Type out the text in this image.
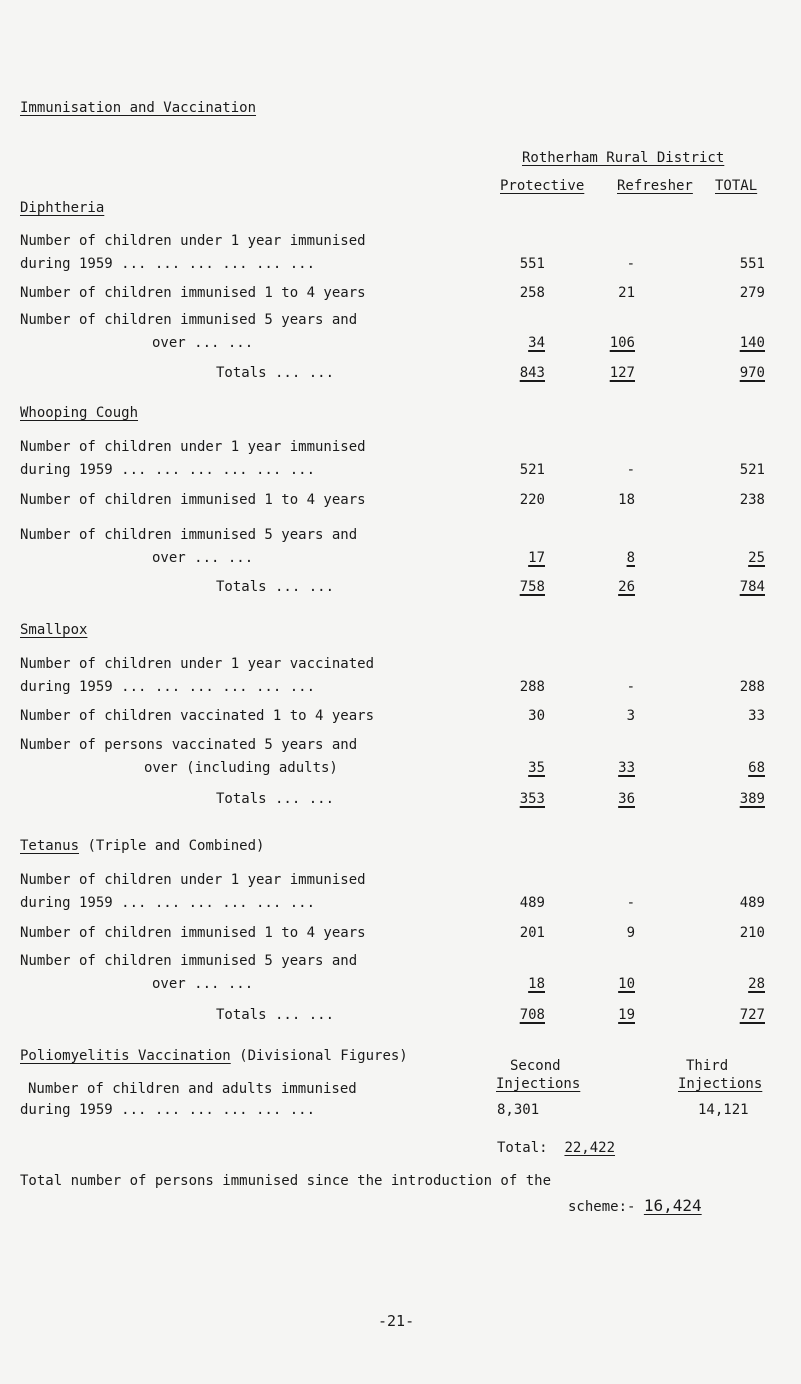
Immunisation and Vaccination
Rotherham Rural District
Protective Refresher TOTAL
Diphtheria
Number of children under 1 year immunised
during 1959 ... ... ... ... ... ...	551	-	551
Number of children immunised 1 to 4 years	258	21	279
Number of children immunised 5 years and
over ... ...	34	106	140
Totals ... ...	843	127	970
Whooping Cough
Number of children under 1 year immunised
during 1959 ... ... ... ... ... ...	521	-	521
Number of children immunised 1 to 4 years	220	18	238
Number of children immunised 5 years and
over ... ...	17	8	25
Totals ... ...	758	26	784
Smallpox
Number of children under 1 year vaccinated
during 1959 ... ... ... ... ... ...	288	-	288
Number of children vaccinated 1 to 4 years	30	3	33
Number of persons vaccinated 5 years and
over (including adults)	35	33	68
Totals ... ...	353	36	389
Tetanus (Triple and Combined)
Number of children under 1 year immunised
during 1959 ... ... ... ... ... ...	489	-	489
Number of children immunised 1 to 4 years	201	9	210
Number of children immunised 5 years and
over ... ...	18	10	28
Totals ... ...	708	19	727
Poliomyelitis Vaccination (Divisional Figures)
Second
Injections
Third
Injections
Number of children and adults immunised
during 1959 ... ... ... ... ... ...	8,301	14,121
Total: 22,422
Total number of persons immunised since the introduction of the
scheme:- 16,424
-21-
